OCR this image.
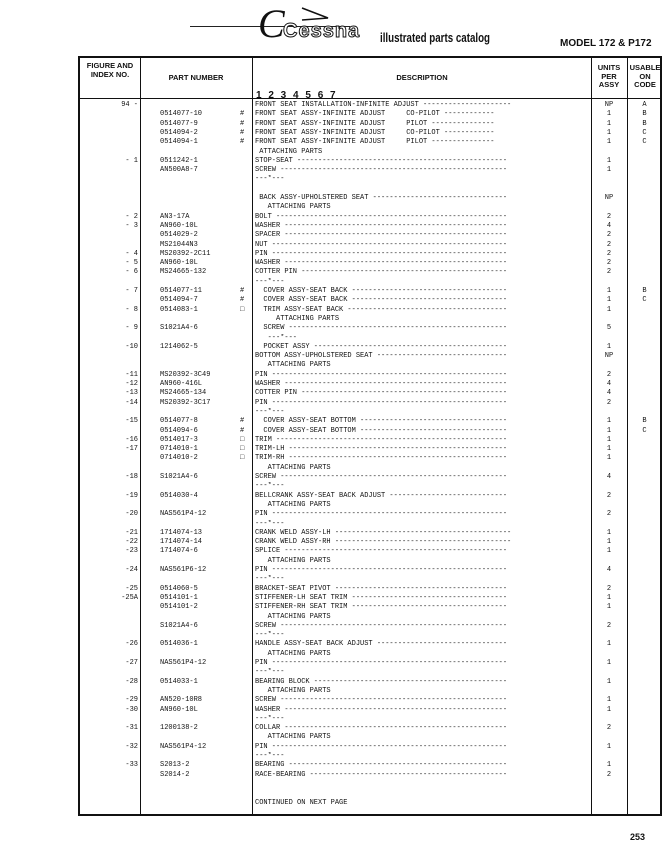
C
Cessna illustrated parts catalog	MODEL 172 & P172
FIGURE AND INDEX NO.	PART NUMBER	DESCRIPTION
1 2 3 4 5 6 7
UNITS PER ASSY
USABLE ON CODE
94 -	FRONT SEAT INSTALLATION-INFINITE ADJUST ---------------------	NP	A
0514077-10	# FRONT SEAT ASSY-INFINITE ADJUST     CO-PILOT ------------	1	B
0514077-9	# FRONT SEAT ASSY-INFINITE ADJUST     PILOT ---------------	1	B
0514094-2	# FRONT SEAT ASSY-INFINITE ADJUST     CO-PILOT ------------	1	C
0514094-1	# FRONT SEAT ASSY-INFINITE ADJUST     PILOT ---------------	1	C
ATTACHING PARTS
- 1	0511242-1	STOP-SEAT --------------------------------------------------	1
AN500A8-7	SCREW ------------------------------------------------------	1
---*---
BACK ASSY-UPHOLSTERED SEAT --------------------------------	NP
ATTACHING PARTS
- 2	AN3-17A	BOLT -------------------------------------------------------	2
- 3	AN960-10L	WASHER -----------------------------------------------------	4
0514029-2	SPACER -----------------------------------------------------	2
MS21044N3	NUT --------------------------------------------------------	2
- 4	MS20392-2C11	PIN --------------------------------------------------------	2
- 5	AN960-10L	WASHER -----------------------------------------------------	2
- 6	MS24665-132	COTTER PIN -------------------------------------------------	2
---*---
- 7	0514077-11	# COVER ASSY-SEAT BACK -------------------------------------	1	B
0514094-7	# COVER ASSY-SEAT BACK -------------------------------------	1	C
- 8	0514083-1	□ TRIM ASSY-SEAT BACK --------------------------------------	1
ATTACHING PARTS
- 9	S1021A4-6	SCREW ----------------------------------------------------	5
---*---
-10	1214062-5	POCKET ASSY ----------------------------------------------	1
BOTTOM ASSY-UPHOLSTERED SEAT -------------------------------	NP
ATTACHING PARTS
-11	MS20392-3C49	PIN --------------------------------------------------------	2
-12	AN960-416L	WASHER -----------------------------------------------------	4
-13	MS24665-134	COTTER PIN -------------------------------------------------	4
-14	MS20392-3C17	PIN --------------------------------------------------------	2
---*---
-15	0514077-8	# COVER ASSY-SEAT BOTTOM -----------------------------------	1	B
0514094-6	# COVER ASSY-SEAT BOTTOM -----------------------------------	1	C
-16	0514017-3	□ TRIM -------------------------------------------------------	1
-17	0714010-1	□ TRIM-LH ----------------------------------------------------	1
0714010-2	□ TRIM-RH ----------------------------------------------------	1
ATTACHING PARTS
-18	S1021A4-6	SCREW ------------------------------------------------------	4
---*---
-19	0514030-4	BELLCRANK ASSY-SEAT BACK ADJUST ----------------------------	2
ATTACHING PARTS
-20	NAS561P4-12	PIN --------------------------------------------------------	2
---*---
-21	1714074-13	CRANK WELD ASSY-LH ------------------------------------------	1
-22	1714074-14	CRANK WELD ASSY-RH ------------------------------------------	1
-23	1714074-6	SPLICE -----------------------------------------------------	1
ATTACHING PARTS
-24	NAS561P6-12	PIN --------------------------------------------------------	4
---*---
-25	0514060-5	BRACKET-SEAT PIVOT -----------------------------------------	2
-25A	0514101-1	STIFFENER-LH SEAT TRIM -------------------------------------	1
0514101-2	STIFFENER-RH SEAT TRIM -------------------------------------	1
ATTACHING PARTS
S1021A4-6	SCREW ------------------------------------------------------	2
---*---
-26	0514036-1	HANDLE ASSY-SEAT BACK ADJUST -------------------------------	1
ATTACHING PARTS
-27	NAS561P4-12	PIN --------------------------------------------------------	1
---*---
-28	0514033-1	BEARING BLOCK ----------------------------------------------	1
ATTACHING PARTS
-29	AN520-10R8	SCREW ------------------------------------------------------	1
-30	AN960-10L	WASHER -----------------------------------------------------	1
---*---
-31	1200138-2	COLLAR -----------------------------------------------------	2
ATTACHING PARTS
-32	NAS561P4-12	PIN --------------------------------------------------------	1
---*---
-33	S2013-2	BEARING ----------------------------------------------------	1
S2014-2	RACE-BEARING -----------------------------------------------	2
CONTINUED ON NEXT PAGE
253
